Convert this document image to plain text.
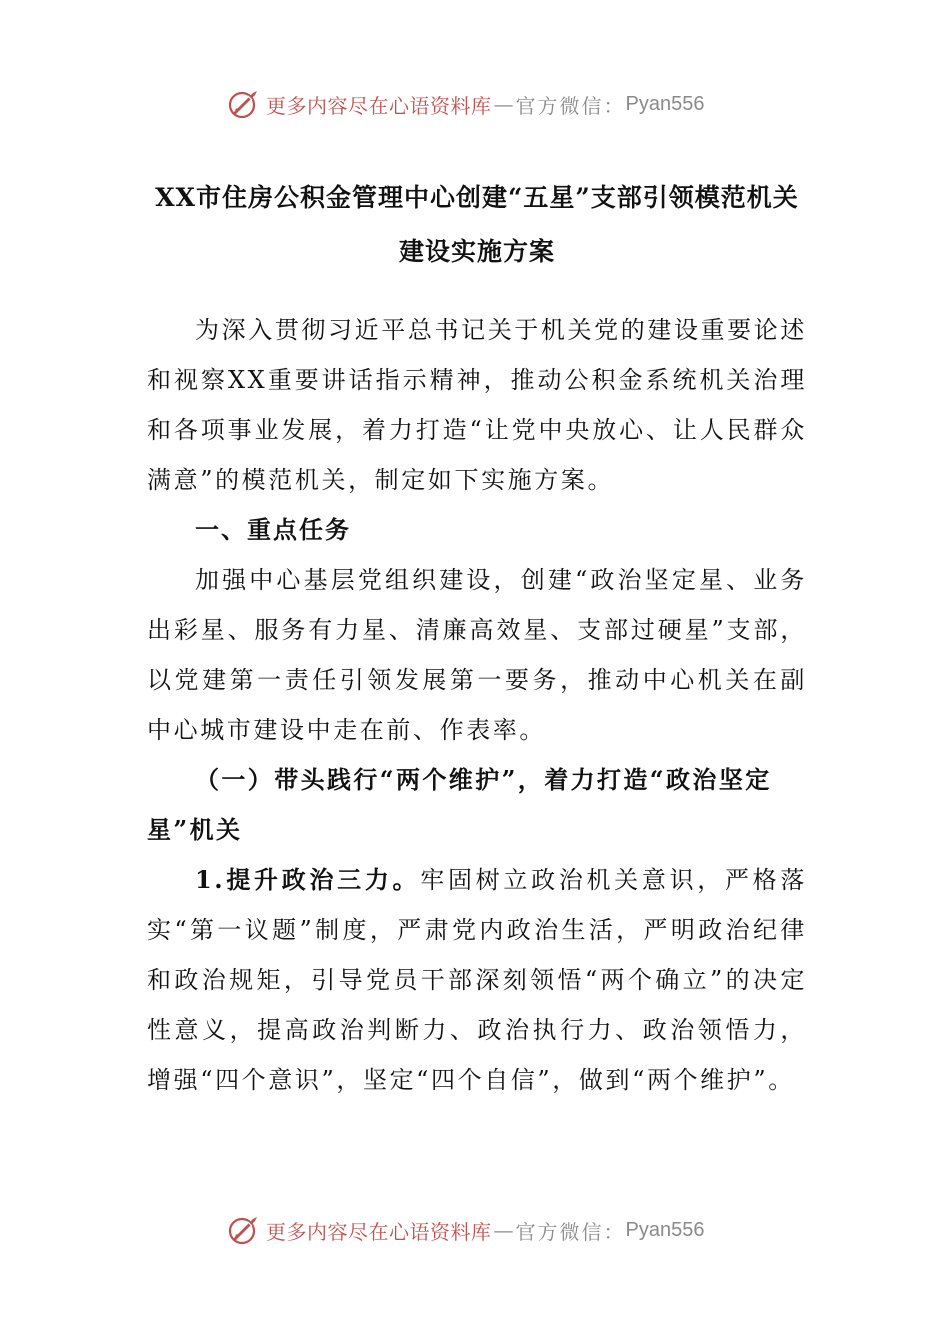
更多内容尽在心语资料库 — 官方微信： Pyan556
XX市住房公积金管理中心创建“五星”支部引领模范机关建设实施方案

为深入贯彻习近平总书记关于机关党的建设重要论述和视察XX重要讲话指示精神，推动公积金系统机关治理和各项事业发展，着力打造“让党中央放心、让人民群众满意”的模范机关，制定如下实施方案。

一、重点任务

加强中心基层党组织建设，创建“政治坚定星、业务出彩星、服务有力星、清廉高效星、支部过硬星”支部，以党建第一责任引领发展第一要务，推动中心机关在副中心城市建设中走在前、作表率。

（一）带头践行“两个维护”，着力打造“政治坚定星”机关

1.提升政治三力。牢固树立政治机关意识，严格落实“第一议题”制度，严肃党内政治生活，严明政治纪律和政治规矩，引导党员干部深刻领悟“两个确立”的决定性意义，提高政治判断力、政治执行力、政治领悟力，增强“四个意识”，坚定“四个自信”，做到“两个维护”。

更多内容尽在心语资料库 — 官方微信： Pyan556
